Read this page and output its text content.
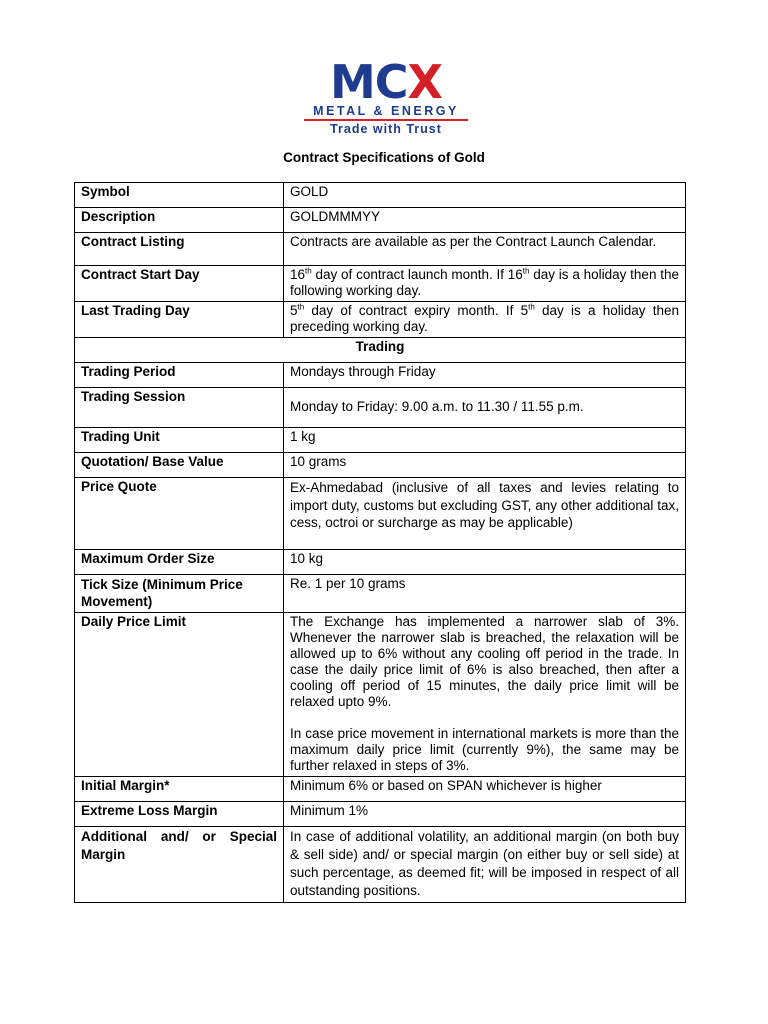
MCX
METAL & ENERGY
Trade with Trust
Contract Specifications of Gold
Symbol	GOLD
Description	GOLDMMMYY
Contract Listing	Contracts are available as per the Contract Launch Calendar.
Contract Start Day	16th day of contract launch month. If 16th day is a holiday then the following working day.
Last Trading Day	5th day of contract expiry month. If 5th day is a holiday then preceding working day.
Trading	
Trading Period	Mondays through Friday
Trading Session	Monday to Friday: 9.00 a.m. to 11.30 / 11.55 p.m.
Trading Unit	1 kg
Quotation/ Base Value	10 grams
Price Quote	Ex-Ahmedabad (inclusive of all taxes and levies relating to import duty, customs but excluding GST, any other additional tax, cess, octroi or surcharge as may be applicable)
Maximum Order Size	10 kg
Tick Size (Minimum Price Movement)	Re. 1 per 10 grams
Daily Price Limit	The Exchange has implemented a narrower slab of 3%. Whenever the narrower slab is breached, the relaxation will be allowed up to 6% without any cooling off period in the trade. In case the daily price limit of 6% is also breached, then after a cooling off period of 15 minutes, the daily price limit will be relaxed upto 9%.
In case price movement in international markets is more than the maximum daily price limit (currently 9%), the same may be further relaxed in steps of 3%.
Initial Margin*	Minimum 6% or based on SPAN whichever is higher
Extreme Loss Margin	Minimum 1%
Additional and/ or Special Margin	In case of additional volatility, an additional margin (on both buy & sell side) and/ or special margin (on either buy or sell side) at such percentage, as deemed fit; will be imposed in respect of all outstanding positions.
